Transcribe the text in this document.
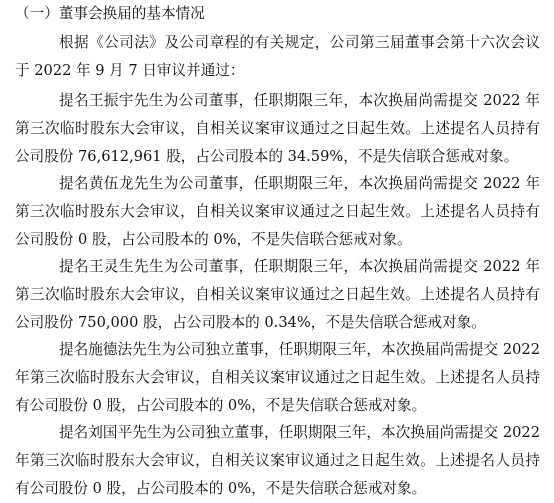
（一）董事会换届的基本情况

根据《公司法》及公司章程的有关规定，公司第三届董事会第十六次会议 于 2022 年 9 月 7 日审议并通过：

提名王振宇先生为公司董事，任职期限三年，本次换届尚需提交 2022 年第三次临时股东大会审议，自相关议案审议通过之日起生效。上述提名人员持有公司股份 76,612,961 股，占公司股本的 34.59%，不是失信联合惩戒对象。

提名黄伍龙先生为公司董事，任职期限三年，本次换届尚需提交 2022 年第三次临时股东大会审议，自相关议案审议通过之日起生效。上述提名人员持有公司股份 0 股，占公司股本的 0%，不是失信联合惩戒对象。

提名王灵生先生为公司董事，任职期限三年，本次换届尚需提交 2022 年第三次临时股东大会审议，自相关议案审议通过之日起生效。上述提名人员持有公司股份 750,000 股，占公司股本的 0.34%，不是失信联合惩戒对象。

提名施德法先生为公司独立董事，任职期限三年，本次换届尚需提交 2022 年第三次临时股东大会审议，自相关议案审议通过之日起生效。上述提名人员持有公司股份 0 股，占公司股本的 0%，不是失信联合惩戒对象。

提名刘国平先生为公司独立董事，任职期限三年，本次换届尚需提交 2022 年第三次临时股东大会审议，自相关议案审议通过之日起生效。上述提名人员持有公司股份 0 股，占公司股本的 0%，不是失信联合惩戒对象。
